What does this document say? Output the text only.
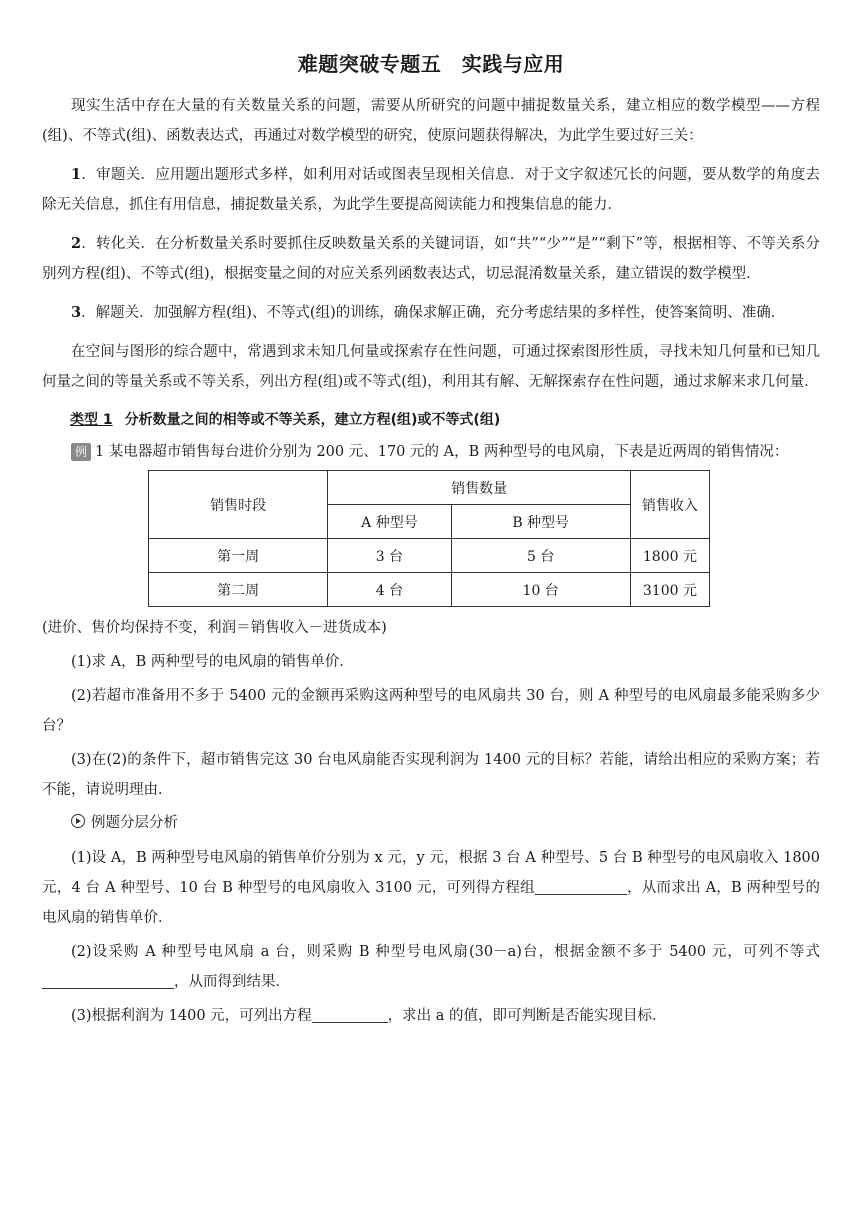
难题突破专题五　实践与应用

现实生活中存在大量的有关数量关系的问题，需要从所研究的问题中捕捉数量关系，建立相应的数学模型——方程(组)、不等式(组)、函数表达式，再通过对数学模型的研究，使原问题获得解决，为此学生要过好三关：

1．审题关．应用题出题形式多样，如利用对话或图表呈现相关信息．对于文字叙述冗长的问题，要从数学的角度去除无关信息，抓住有用信息，捕捉数量关系，为此学生要提高阅读能力和搜集信息的能力．

2．转化关．在分析数量关系时要抓住反映数量关系的关键词语，如“共”“少”“是”“剩下”等，根据相等、不等关系分别列方程(组)、不等式(组)，根据变量之间的对应关系列函数表达式，切忌混淆数量关系，建立错误的数学模型．

3．解题关．加强解方程(组)、不等式(组)的训练，确保求解正确，充分考虑结果的多样性，使答案简明、准确．

在空间与图形的综合题中，常遇到求未知几何量或探索存在性问题，可通过探索图形性质，寻找未知几何量和已知几何量之间的等量关系或不等关系，列出方程(组)或不等式(组)，利用其有解、无解探索存在性问题，通过求解来求几何量．

类型 1 分析数量之间的相等或不等关系，建立方程(组)或不等式(组)
例 1 某电器超市销售每台进价分别为 200 元、170 元的 A，B 两种型号的电风扇，下表是近两周的销售情况：
销售时段	销售数量		销售收入
	A 种型号	B 种型号	
第一周	3 台	5 台	1800 元
第二周	4 台	10 台	3100 元

(进价、售价均保持不变，利润＝销售收入－进货成本)

(1)求 A，B 两种型号的电风扇的销售单价．

(2)若超市准备用不多于 5400 元的金额再采购这两种型号的电风扇共 30 台，则 A 种型号的电风扇最多能采购多少台？

(3)在(2)的条件下，超市销售完这 30 台电风扇能否实现利润为 1400 元的目标？若能，请给出相应的采购方案；若不能，请说明理由．

例题分层分析

(1)设 A，B 两种型号电风扇的销售单价分别为 x 元，y 元，根据 3 台 A 种型号、5 台 B 种型号的电风扇收入 1800 元，4 台 A 种型号、10 台 B 种型号的电风扇收入 3100 元，可列得方程组	，从而求出 A，B 两种型号的电风扇的销售单价．

(2)设采购 A 种型号电风扇 a 台，则采购 B 种型号电风扇(30－a)台，根据金额不多于 5400 元，可列不等式，从而得到结果．

(3)根据利润为 1400 元，可列出方程	，求出 a 的值，即可判断是否能实现目标．
